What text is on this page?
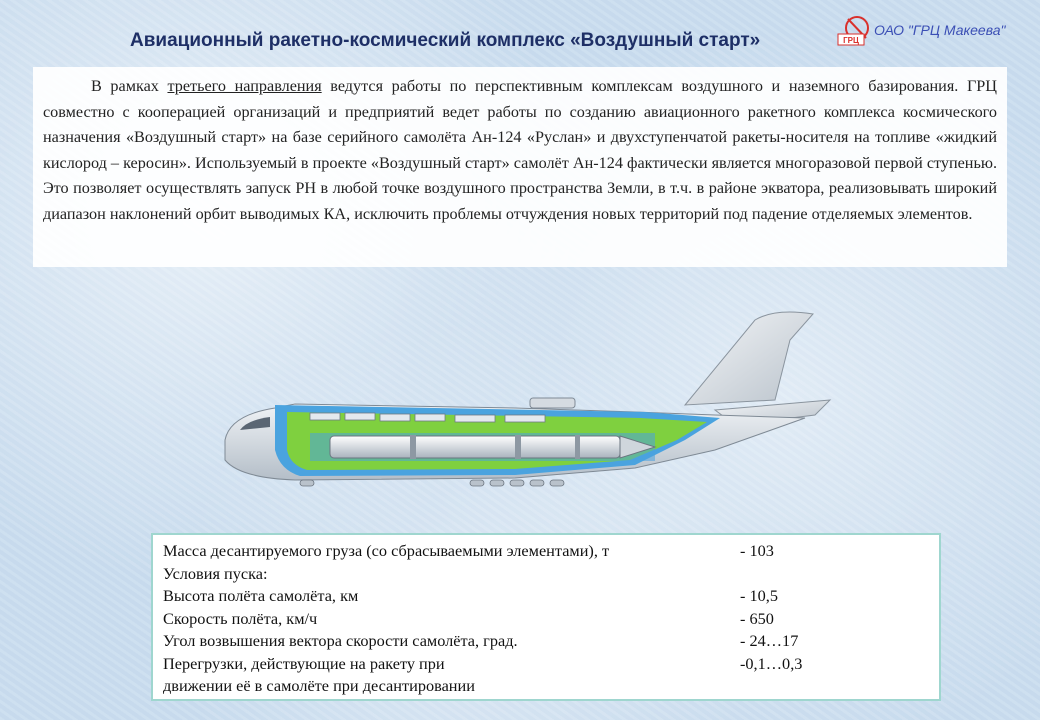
Авиационный ракетно-космический комплекс «Воздушный старт»	ГРЦ
ОАО "ГРЦ Макеева"

В рамках третьего направления ведутся работы по перспективным комплексам воздушного и наземного базирования. ГРЦ совместно с кооперацией организаций и предприятий ведет работы по созданию авиационного ракетного комплекса космического назначения «Воздушный старт» на базе серийного самолёта Ан-124 «Руслан» и двухступенчатой ракеты-носителя на топливе «жидкий кислород – керосин». Используемый в проекте «Воздушный старт» самолёт Ан-124 фактически является многоразовой первой ступенью. Это позволяет осуществлять запуск РН в любой точке воздушного пространства Земли, в т.ч. в районе экватора, реализовывать широкий диапазон наклонений орбит выводимых КА, исключить проблемы отчуждения новых территорий под падение отделяемых элементов.

Масса десантируемого груза (со сбрасываемыми элементами), т	- 103
Условия пуска:
Высота полёта самолёта, км	- 10,5
Скорость полёта, км/ч	- 650
Угол возвышения вектора скорости самолёта, град.	- 24…17
Перегрузки, действующие на ракету при	-0,1…0,3
движении её в самолёте при десантировании
